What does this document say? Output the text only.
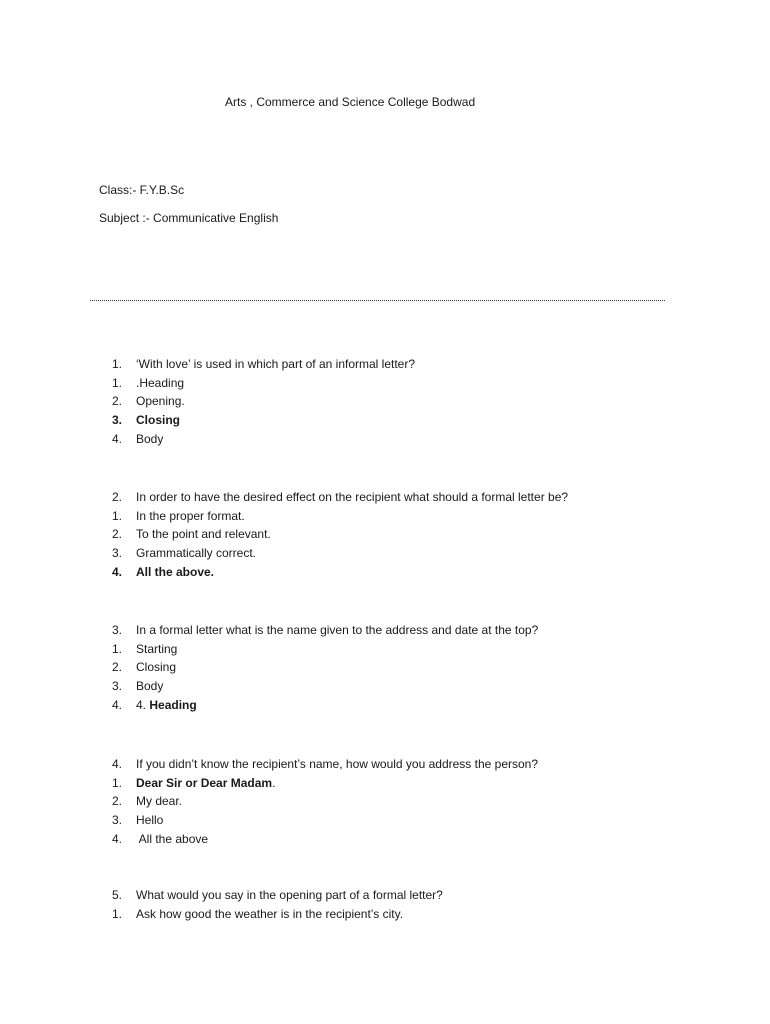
Arts , Commerce and Science College Bodwad
Class:- F.Y.B.Sc
Subject :- Communicative English
1. ‘With love’ is used in which part of an informal letter?
1. .Heading
2. Opening.
3. Closing
4. Body
2. In order to have the desired effect on the recipient what should a formal letter be?
1. In the proper format.
2. To the point and relevant.
3. Grammatically correct.
4. All the above.
3. In a formal letter what is the name given to the address and date at the top?
1. Starting
2. Closing
3. Body
4. 4. Heading
4. If you didn’t know the recipient’s name, how would you address the person?
1. Dear Sir or Dear Madam.
2. My dear.
3. Hello
4. All the above
5. What would you say in the opening part of a formal letter?
1. Ask how good the weather is in the recipient’s city.
